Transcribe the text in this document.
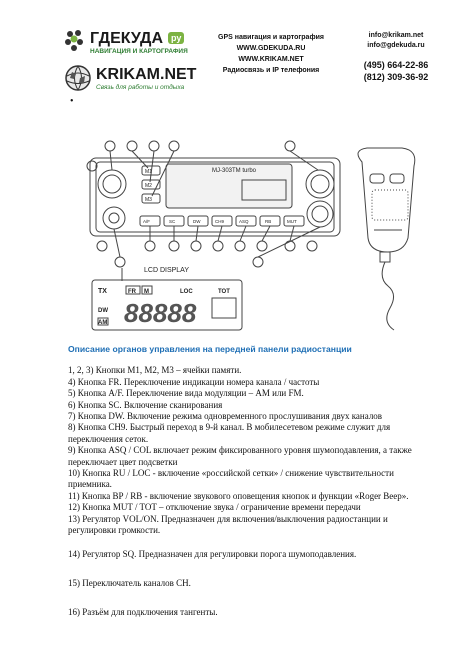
ГДЕКУДА ру
НАВИГАЦИЯ И КАРТОГРАФИЯ
KRIKAM.NET
Связь для работы и отдыха
GPS навигация и картография
WWW.GDEKUDA.RU
WWW.KRIKAM.NET
Радиосвязь и IP телефония
info@krikam.net
info@gdekuda.ru
(495) 664-22-86
(812) 309-36-92
•
MJ-303TM turbo
M1
M2
M3
A/F	SC	DW	CH9	ASQ	RB	MUT
LCD DISPLAY
TX	FR M	LOC	TOT
DW
AM 88888
Описание органов управления на передней панели радиостанции

1, 2, 3) Кнопки M1, M2, M3 – ячейки памяти.

4) Кнопка FR. Переключение индикации номера канала / частоты

5) Кнопка A/F. Переключение вида модуляции – AM или FM.

6) Кнопка SC. Включение сканирования

7) Кнопка DW. Включение режима одновременного прослушивания двух каналов

8) Кнопка CH9. Быстрый переход в 9-й канал. В мобилесетевом режиме служит для переключения сеток.

9) Кнопка ASQ / COL включает режим фиксированного уровня шумоподавления, а также переключает цвет подсветки

10) Кнопка RU / LOC - включение «российской сетки» / снижение чувствительности приемника.

11) Кнопка BP / RB - включение звукового оповещения кнопок и функции «Roger Beep».

12) Кнопка MUT / TOT – отключение звука / ограничение времени передачи

13) Регулятор VOL/ON. Предназначен для включения/выключения радиостанции и регулировки громкости.

14) Регулятор SQ. Предназначен для регулировки порога шумоподавления.

15) Переключатель каналов CH.

16) Разъём для подключения тангенты.
